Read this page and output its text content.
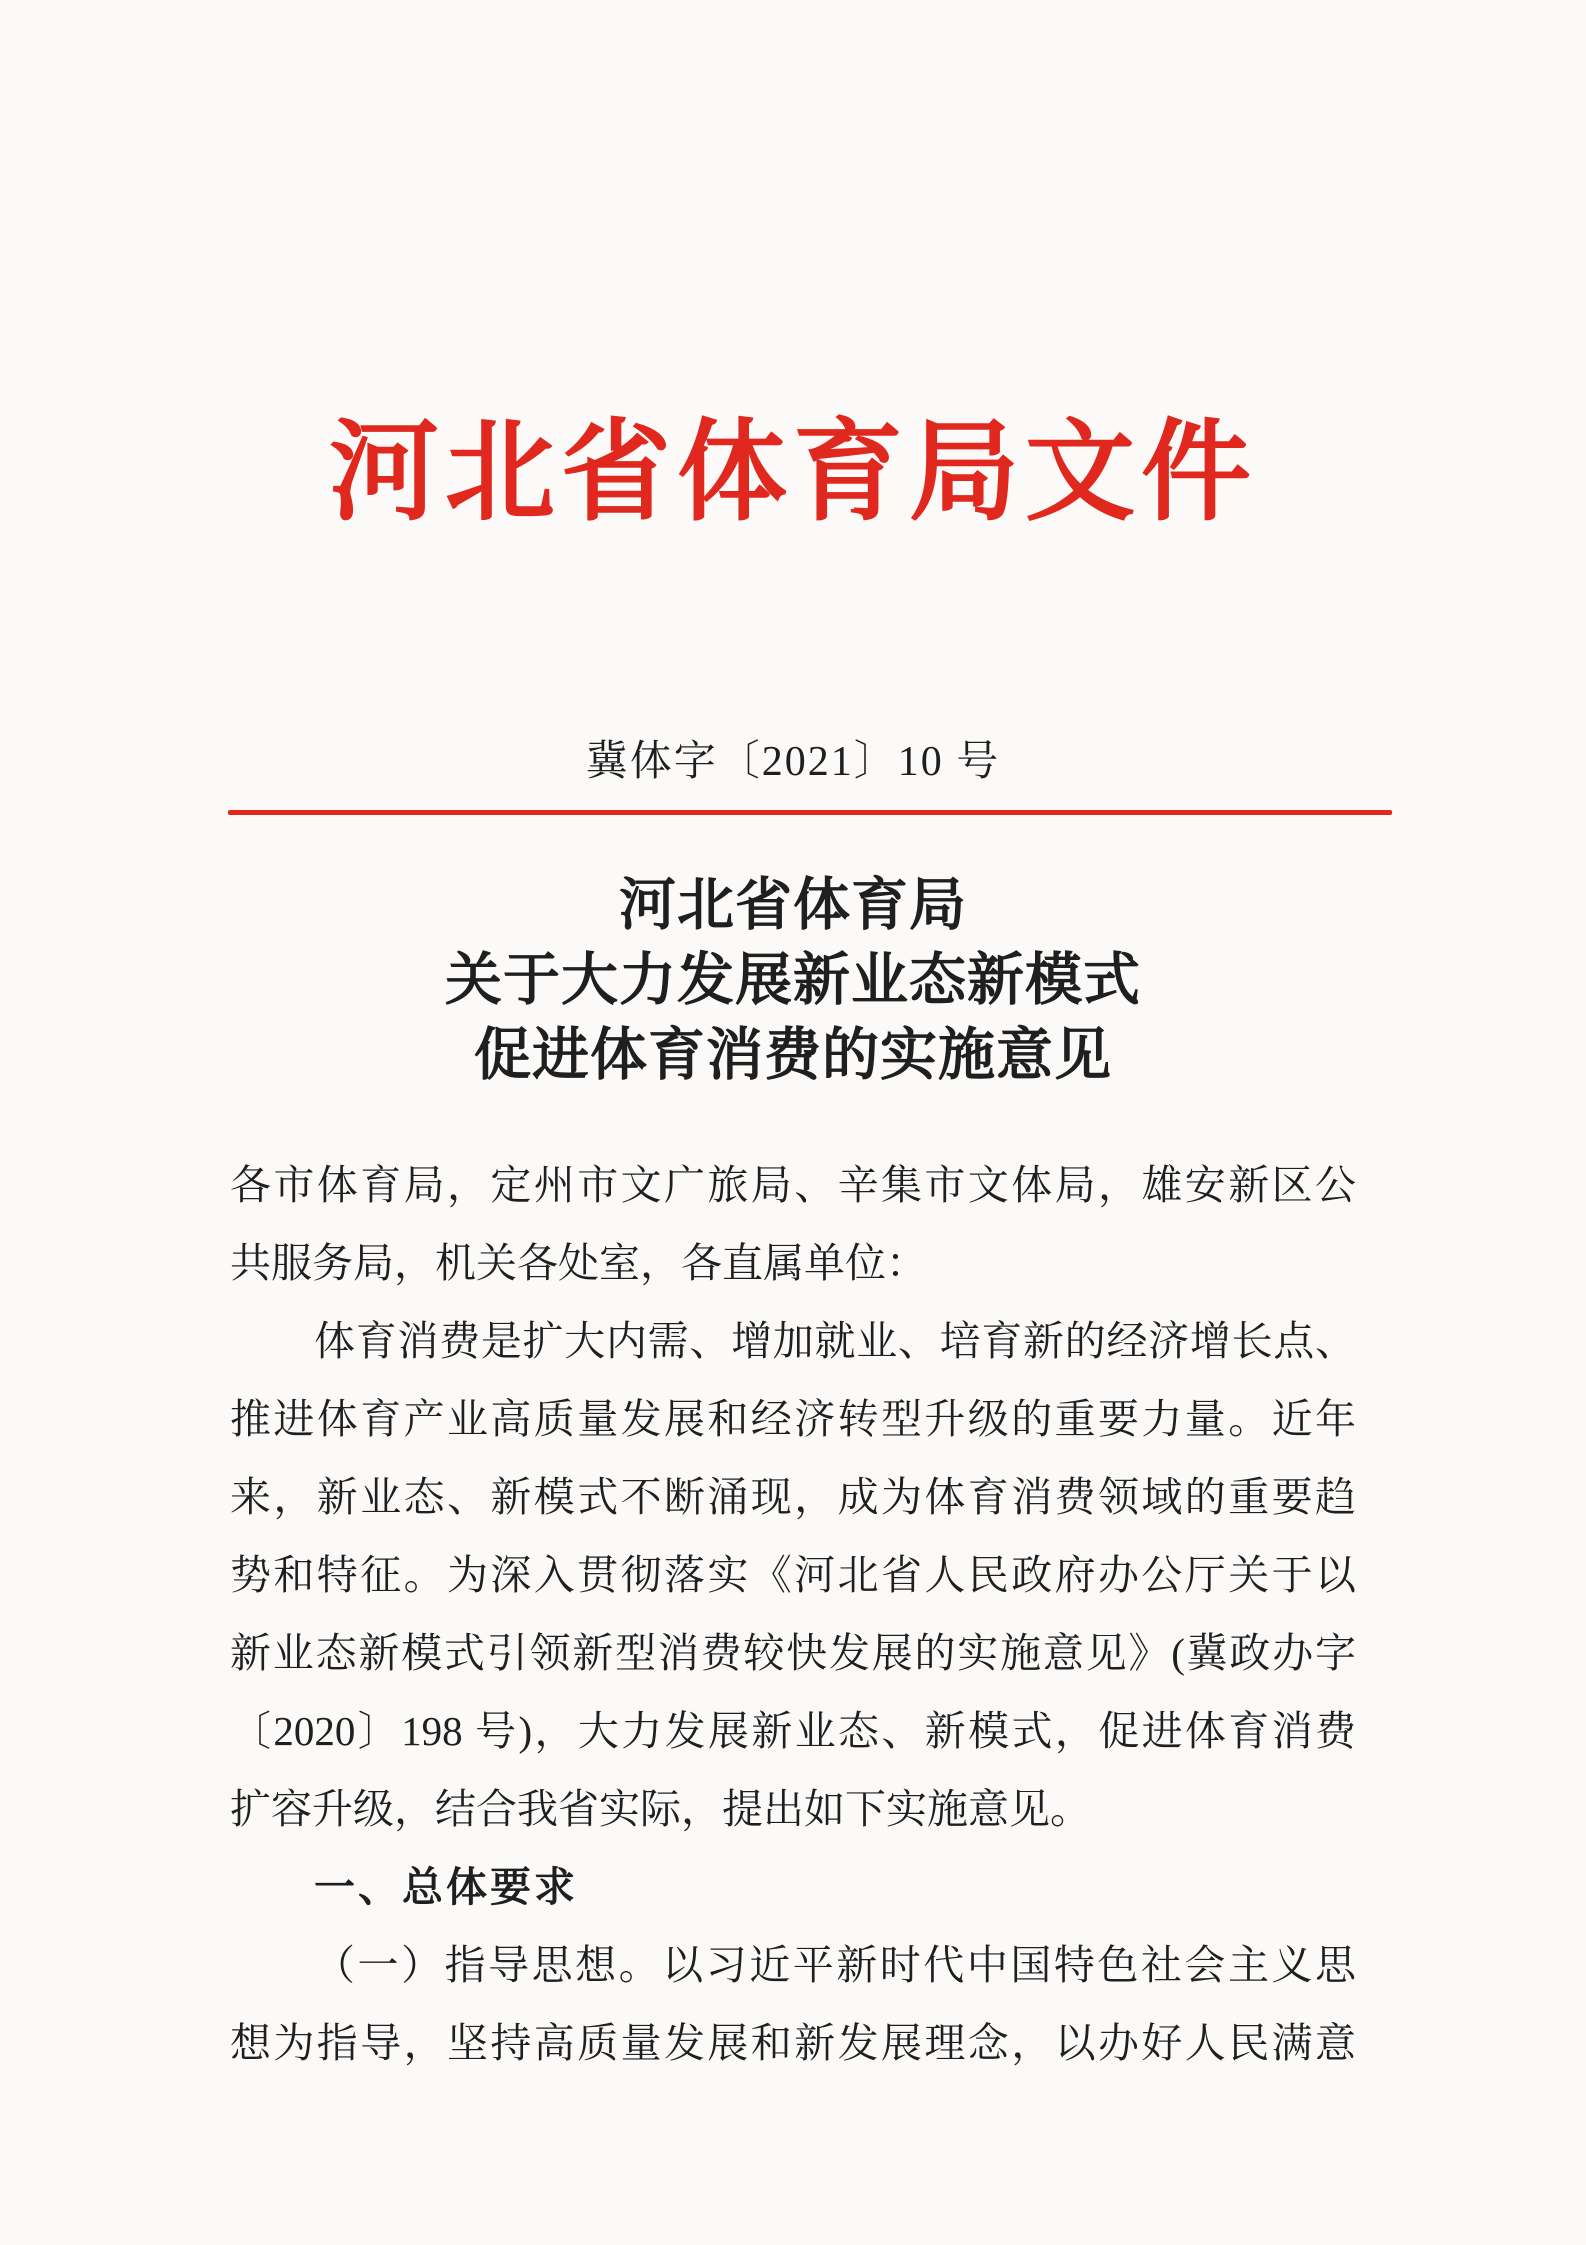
河北省体育局文件
冀体字〔2021〕10 号
河北省体育局
关于大力发展新业态新模式
促进体育消费的实施意见
各市体育局，定州市文广旅局、辛集市文体局，雄安新区公
共服务局，机关各处室，各直属单位：
体育消费是扩大内需、增加就业、培育新的经济增长点、
推进体育产业高质量发展和经济转型升级的重要力量。近年
来，新业态、新模式不断涌现，成为体育消费领域的重要趋
势和特征。为深入贯彻落实《河北省人民政府办公厅关于以
新业态新模式引领新型消费较快发展的实施意见》(冀政办字
〔2020〕198 号)，大力发展新业态、新模式，促进体育消费
扩容升级，结合我省实际，提出如下实施意见。
一、总体要求
（一）指导思想。以习近平新时代中国特色社会主义思
想为指导，坚持高质量发展和新发展理念，以办好人民满意
